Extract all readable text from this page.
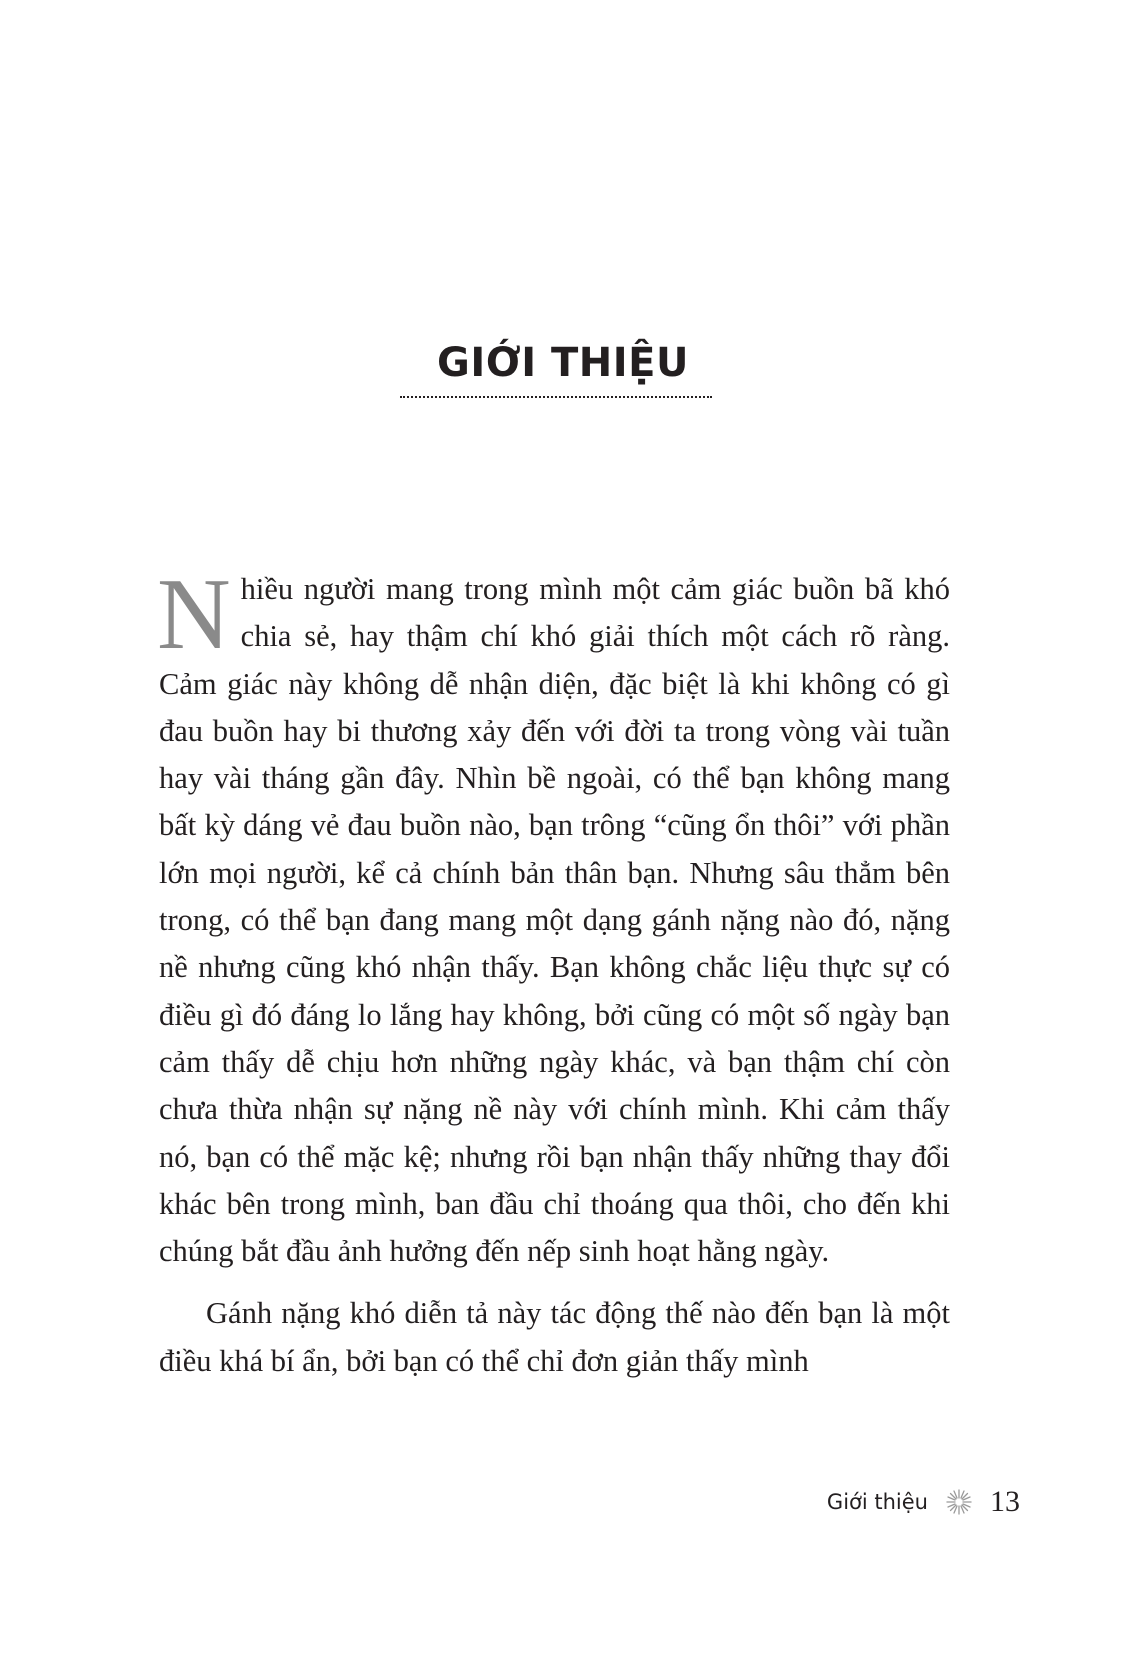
GIỚI THIỆU

Nhiều người mang trong mình một cảm giác buồn bã khó chia sẻ, hay thậm chí khó giải thích một cách rõ ràng. Cảm giác này không dễ nhận diện, đặc biệt là khi không có gì đau buồn hay bi thương xảy đến với đời ta trong vòng vài tuần hay vài tháng gần đây. Nhìn bề ngoài, có thể bạn không mang bất kỳ dáng vẻ đau buồn nào, bạn trông “cũng ổn thôi” với phần lớn mọi người, kể cả chính bản thân bạn. Nhưng sâu thẳm bên trong, có thể bạn đang mang một dạng gánh nặng nào đó, nặng nề nhưng cũng khó nhận thấy. Bạn không chắc liệu thực sự có điều gì đó đáng lo lắng hay không, bởi cũng có một số ngày bạn cảm thấy dễ chịu hơn những ngày khác, và bạn thậm chí còn chưa thừa nhận sự nặng nề này với chính mình. Khi cảm thấy nó, bạn có thể mặc kệ; nhưng rồi bạn nhận thấy những thay đổi khác bên trong mình, ban đầu chỉ thoáng qua thôi, cho đến khi chúng bắt đầu ảnh hưởng đến nếp sinh hoạt hằng ngày.

Gánh nặng khó diễn tả này tác động thế nào đến bạn là một điều khá bí ẩn, bởi bạn có thể chỉ đơn giản thấy mình

Giới thiệu 13
